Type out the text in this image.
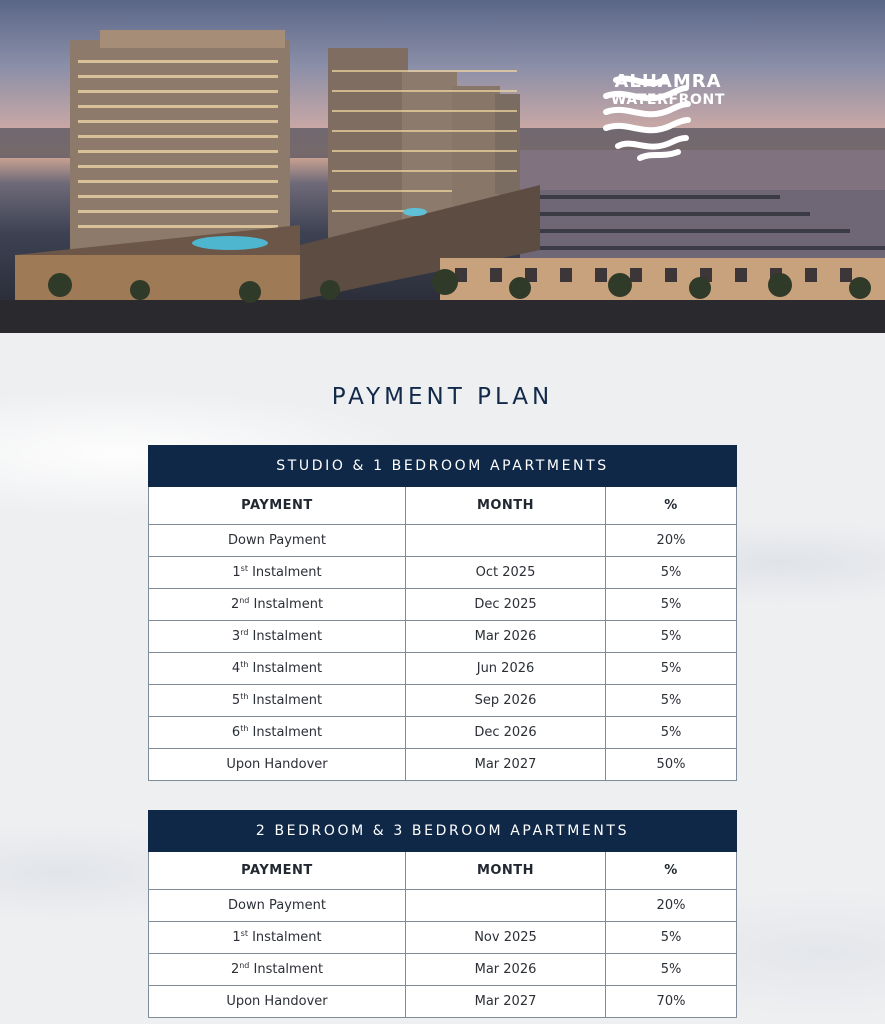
ALHAMRA
WATERFRONT
PAYMENT PLAN
STUDIO & 1 BEDROOM APARTMENTS		
PAYMENT	MONTH	%
Down Payment		20%
1st Instalment	Oct 2025	5%
2nd Instalment	Dec 2025	5%
3rd Instalment	Mar 2026	5%
4th Instalment	Jun 2026	5%
5th Instalment	Sep 2026	5%
6th Instalment	Dec 2026	5%
Upon Handover	Mar 2027	50%
2 BEDROOM & 3 BEDROOM APARTMENTS		
PAYMENT	MONTH	%
Down Payment		20%
1st Instalment	Nov 2025	5%
2nd Instalment	Mar 2026	5%
Upon Handover	Mar 2027	70%
